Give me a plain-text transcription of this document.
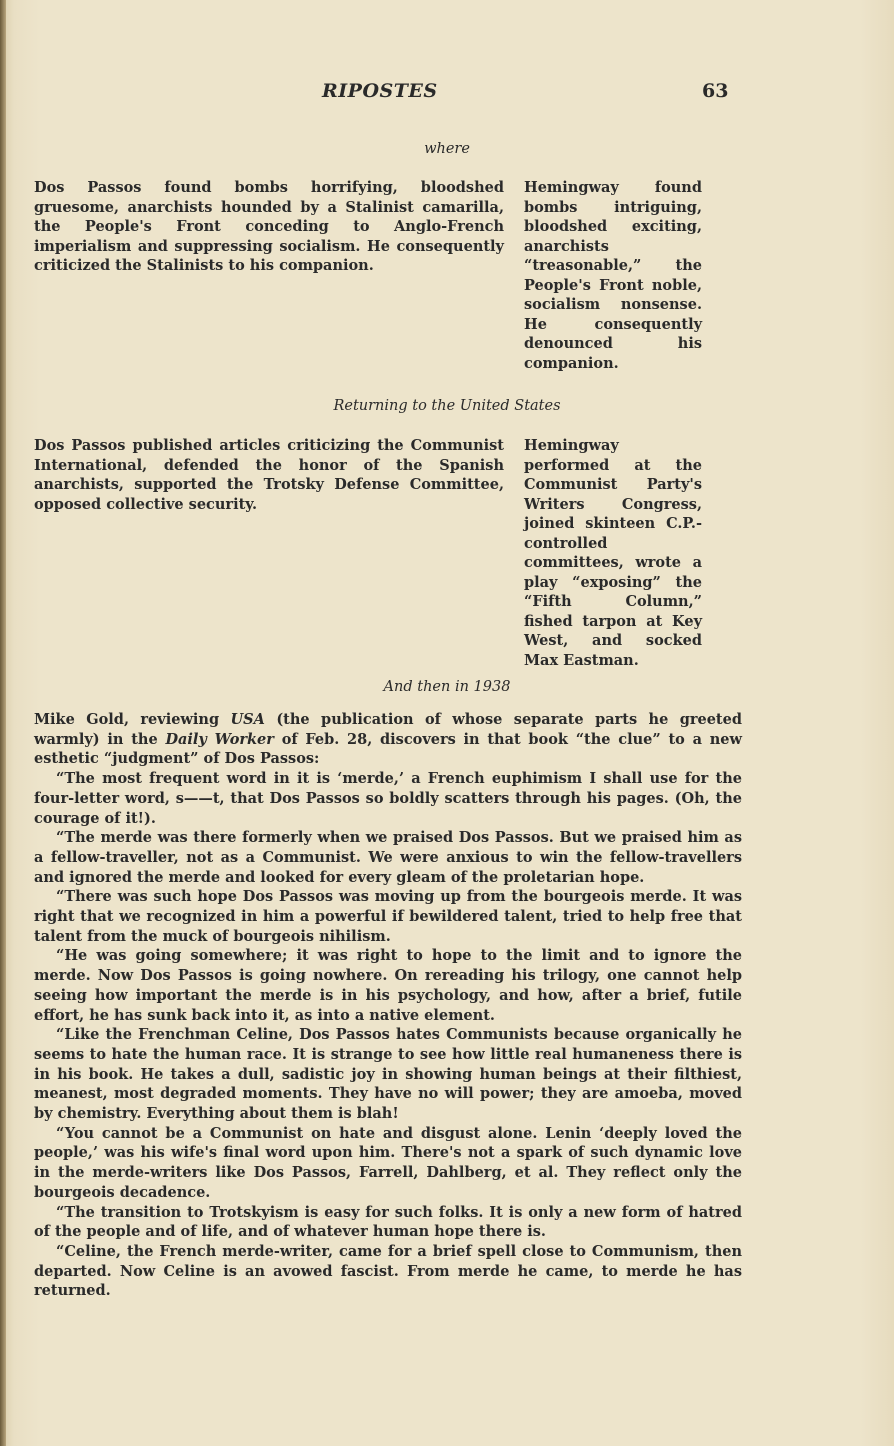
RIPOSTES	63
where
Dos Passos found bombs horrifying, bloodshed gruesome, anarchists hounded by a Stalinist camarilla, the People's Front conceding to Anglo-French imperialism and suppressing socialism. He consequently criticized the Stalinists to his companion.
Hemingway found bombs intriguing, bloodshed exciting, anarchists “treasonable,” the People's Front noble, socialism nonsense. He consequently denounced his companion.
Returning to the United States
Dos Passos published articles criticizing the Communist International, defended the honor of the Spanish anarchists, supported the Trotsky Defense Committee, opposed collective security.
Hemingway performed at the Communist Party's Writers Congress, joined skinteen C.P.-controlled committees, wrote a play “exposing” the “Fifth Column,” fished tarpon at Key West, and socked Max Eastman.
And then in 1938

Mike Gold, reviewing USA (the publication of whose separate parts he greeted warmly) in the Daily Worker of Feb. 28, discovers in that book “the clue” to a new esthetic “judgment” of Dos Passos:

“The most frequent word in it is ‘merde,’ a French euphimism I shall use for the four-letter word, s——t, that Dos Passos so boldly scatters through his pages. (Oh, the courage of it!).

“The merde was there formerly when we praised Dos Passos. But we praised him as a fellow-traveller, not as a Communist. We were anxious to win the fellow-travellers and ignored the merde and looked for every gleam of the proletarian hope.

“There was such hope Dos Passos was moving up from the bourgeois merde. It was right that we recognized in him a powerful if bewildered talent, tried to help free that talent from the muck of bourgeois nihilism.

“He was going somewhere; it was right to hope to the limit and to ignore the merde. Now Dos Passos is going nowhere. On rereading his trilogy, one cannot help seeing how important the merde is in his psychology, and how, after a brief, futile effort, he has sunk back into it, as into a native element.

“Like the Frenchman Celine, Dos Passos hates Communists because organically he seems to hate the human race. It is strange to see how little real humaneness there is in his book. He takes a dull, sadistic joy in showing human beings at their filthiest, meanest, most degraded moments. They have no will power; they are amoeba, moved by chemistry. Everything about them is blah!

“You cannot be a Communist on hate and disgust alone. Lenin ‘deeply loved the people,’ was his wife's final word upon him. There's not a spark of such dynamic love in the merde-writers like Dos Passos, Farrell, Dahlberg, et al. They reflect only the bourgeois decadence.

“The transition to Trotskyism is easy for such folks. It is only a new form of hatred of the people and of life, and of whatever human hope there is.

“Celine, the French merde-writer, came for a brief spell close to Communism, then departed. Now Celine is an avowed fascist. From merde he came, to merde he has returned.
